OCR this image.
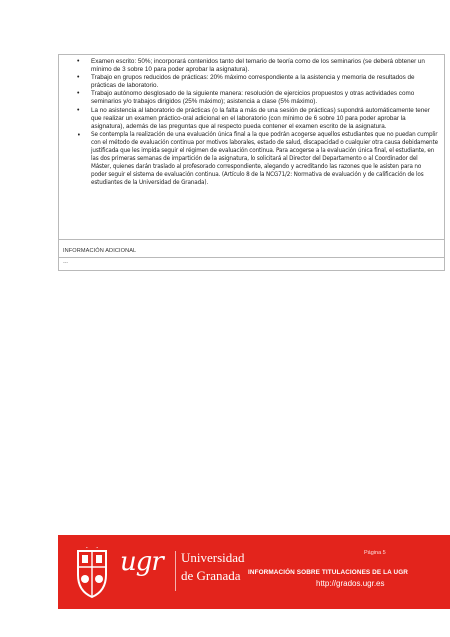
• Examen escrito: 50%; incorporará contenidos tanto del temario de teoría como de los seminarios (se deberá obtener un mínimo de 3 sobre 10 para poder aprobar la asignatura).
• Trabajo en grupos reducidos de prácticas: 20% máximo correspondiente a la asistencia y memoria de resultados de prácticas de laboratorio.
• Trabajo autónomo desglosado de la siguiente manera: resolución de ejercicios propuestos y otras actividades como seminarios y/o trabajos dirigidos (25% máximo); asistencia a clase (5% máximo).
• La no asistencia al laboratorio de prácticas (o la falta a más de una sesión de prácticas) supondrá automáticamente tener que realizar un examen práctico-oral adicional en el laboratorio (con mínimo de 6 sobre 10 para poder aprobar la asignatura), además de las preguntas que al respecto pueda contener el examen escrito de la asignatura.
• Se contempla la realización de una evaluación única final a la que podrán acogerse aquellos estudiantes que no puedan cumplir con el método de evaluación continua por motivos laborales, estado de salud, discapacidad o cualquier otra causa debidamente justificada que les impida seguir el régimen de evaluación continua. Para acogerse a la evaluación única final, el estudiante, en las dos primeras semanas de impartición de la asignatura, lo solicitará al Director del Departamento o al Coordinador del Máster, quienes darán traslado al profesorado correspondiente, alegando y acreditando las razones que le asisten para no poder seguir el sistema de evaluación continua. (Artículo 8 de la NCG71/2: Normativa de evaluación y de calificación de los estudiantes de la Universidad de Granada).
INFORMACIÓN ADICIONAL
---
ugr Universidad
de Granada
Página 5
INFORMACIÓN SOBRE TITULACIONES DE LA UGR
http://grados.ugr.es
